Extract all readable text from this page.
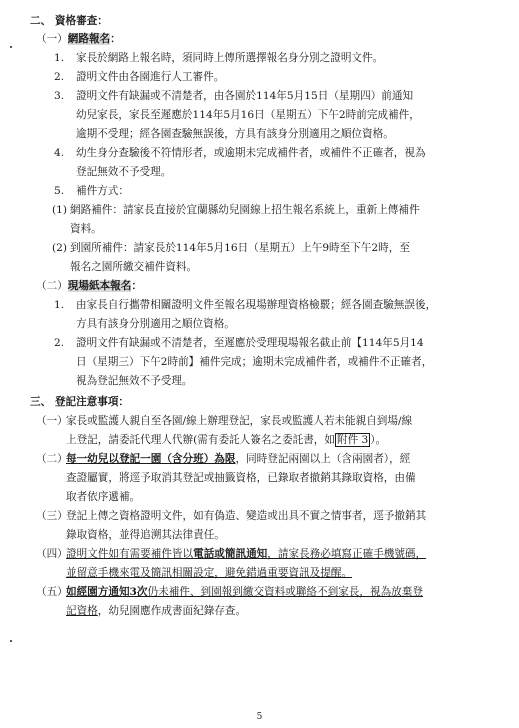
二、 資格審查：
（一）網路報名：
1. 家長於網路上報名時，須同時上傳所選擇報名身分別之證明文件。
2. 證明文件由各園進行人工審件。
3. 證明文件有缺漏或不清楚者，由各園於114年5月15日（星期四）前通知
幼兒家長，家長至遲應於114年5月16日（星期五）下午2時前完成補件，
逾期不受理；經各園查驗無誤後，方具有該身分別適用之順位資格。
4. 幼生身分查驗後不符情形者，或逾期未完成補件者，或補件不正確者，視為
登記無效不予受理。
5. 補件方式：
(1) 網路補件：請家長直接於宜蘭縣幼兒園線上招生報名系統上，重新上傳補件
資料。
(2) 到園所補件：請家長於114年5月16日（星期五）上午9時至下午2時，至
報名之園所繳交補件資料。
（二）現場紙本報名：
1. 由家長自行攜帶相關證明文件至報名現場辦理資格檢覈；經各園查驗無誤後，
方具有該身分別適用之順位資格。
2. 證明文件有缺漏或不清楚者，至遲應於受理現場報名截止前【114年5月14
日（星期三）下午2時前】補件完成；逾期未完成補件者，或補件不正確者，
視為登記無效不予受理。
三、 登記注意事項：
（一）
家長或監護人親自至各園/線上辦理登記，家長或監護人若未能親自到場/線
上登記，請委託代理人代辦(需有委託人簽名之委託書，如 附件 3 ）。
（二）
每一幼兒以登記一園（含分班）為限，同時登記兩園以上（含兩園者），經
查證屬實，將逕予取消其登記或抽籤資格，已錄取者撤銷其錄取資格，由備
取者依序遞補。
（三）
登記上傳之資格證明文件，如有偽造、變造或出具不實之情事者，逕予撤銷其
錄取資格，並得追溯其法律責任。
（四）
證明文件如有需要補件皆以電話或簡訊通知，請家長務必填寫正確手機號碼，
並留意手機來電及簡訊相關設定，避免錯過重要資訊及提醒。
（五）
如經園方通知3次仍未補件、到園報到繳交資料或聯絡不到家長，視為放棄登
記資格，幼兒園應作成書面紀錄存查。
5
